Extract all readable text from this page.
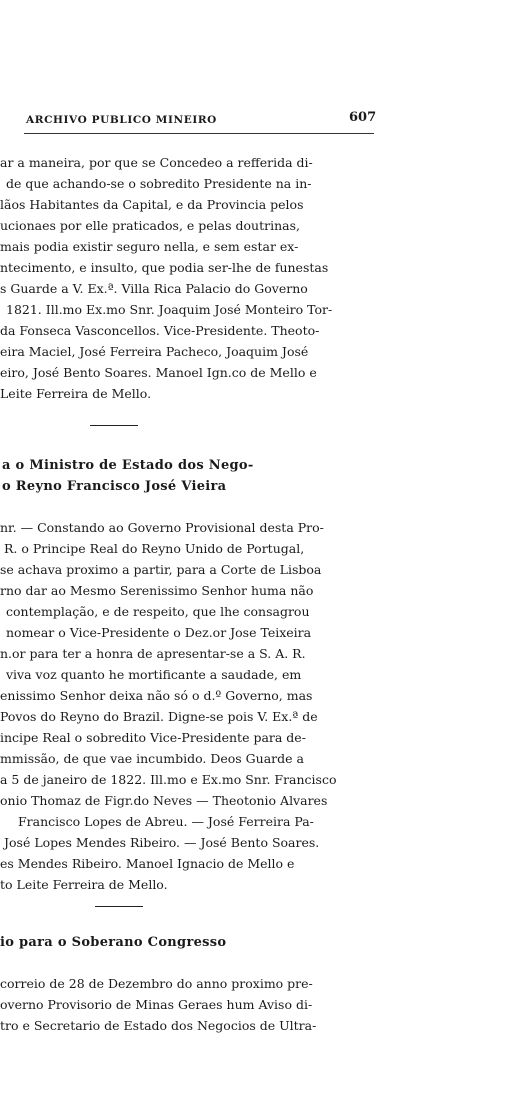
ARCHIVO PUBLICO MINEIRO	607
ar a maneira, por que se Concedeo a refferida di-
de que achando-se o sobredito Presidente na in-
lãos Habitantes da Capital, e da Provincia pelos
ucionaes por elle praticados, e pelas doutrinas,
mais podia existir seguro nella, e sem estar ex-
ntecimento, e insulto, que podia ser-lhe de funestas
s Guarde a V. Ex.ª. Villa Rica Palacio do Governo
1821. Ill.mo Ex.mo Snr. Joaquim José Monteiro Tor-
da Fonseca Vasconcellos. Vice-Presidente. Theoto-
eira Maciel, José Ferreira Pacheco, Joaquim José
eiro, José Bento Soares. Manoel Ign.co de Mello e
Leite Ferreira de Mello.
a o Ministro de Estado dos Nego-
o Reyno Francisco José Vieira
nr. — Constando ao Governo Provisional desta Pro-
R. o Principe Real do Reyno Unido de Portugal,
se achava proximo a partir, para a Corte de Lisboa
rno dar ao Mesmo Serenissimo Senhor huma não
contemplação, e de respeito, que lhe consagrou
nomear o Vice-Presidente o Dez.or Jose Teixeira
n.or para ter a honra de apresentar-se a S. A. R.
viva voz quanto he mortificante a saudade, em
enissimo Senhor deixa não só o d.º Governo, mas
Povos do Reyno do Brazil. Digne-se pois V. Ex.ª de
incipe Real o sobredito Vice-Presidente para de-
mmissão, de que vae incumbido. Deos Guarde a
a 5 de janeiro de 1822. Ill.mo e Ex.mo Snr. Francisco
onio Thomaz de Figr.do Neves — Theotonio Alvares
Francisco Lopes de Abreu. — José Ferreira Pa-
José Lopes Mendes Ribeiro. — José Bento Soares.
es Mendes Ribeiro. Manoel Ignacio de Mello e
to Leite Ferreira de Mello.
io para o Soberano Congresso
correio de 28 de Dezembro do anno proximo pre-
overno Provisorio de Minas Geraes hum Aviso di-
tro e Secretario de Estado dos Negocios de Ultra-
